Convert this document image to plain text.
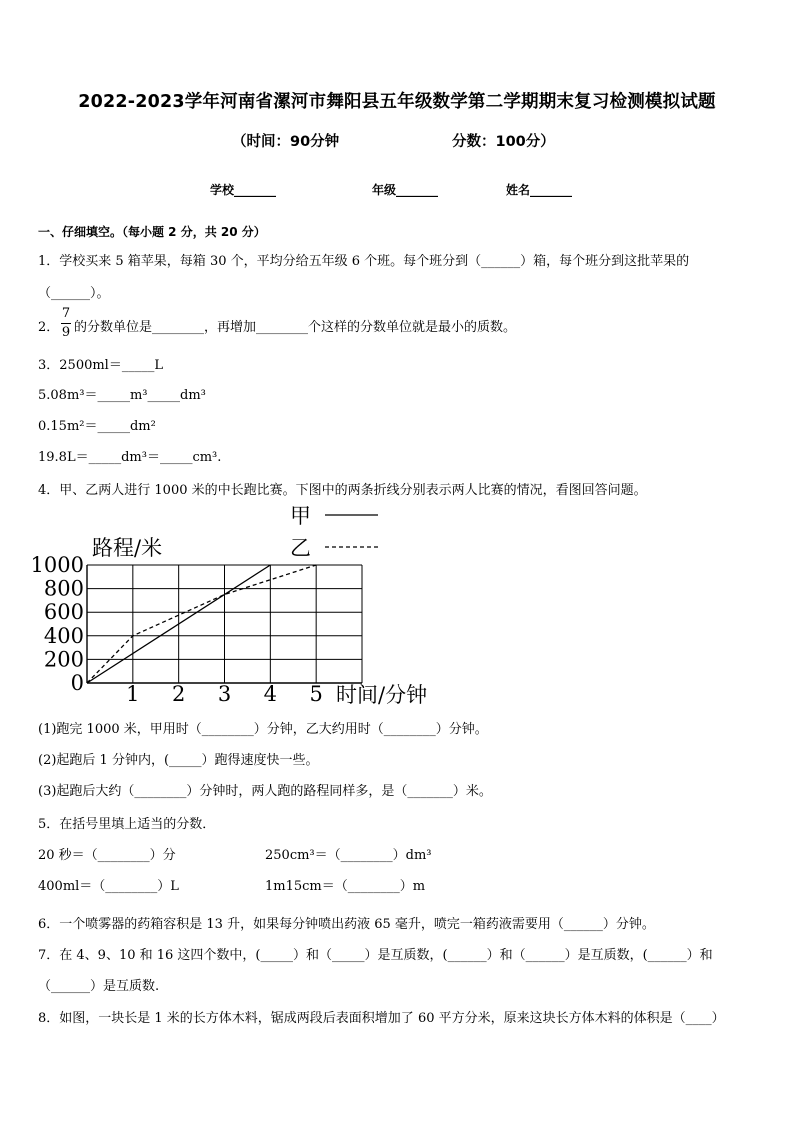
2022-2023学年河南省漯河市舞阳县五年级数学第二学期期末复习检测模拟试题
（时间：90分钟	分数：100分）
学校_______	年级_______	姓名_______
一、仔细填空。（每小题 2 分，共 20 分）
1．学校买来 5 箱苹果，每箱 30 个，平均分给五年级 6 个班。每个班分到（______）箱，每个班分到这批苹果的
（______）。
2．
7
9 的分数单位是________，再增加________个这样的分数单位就是最小的质数。
3．2500ml＝_____L
5.08m³＝_____m³_____dm³
0.15m²＝_____dm²
19.8L＝_____dm³＝_____cm³.
4．甲、乙两人进行 1000 米的中长跑比赛。下图中的两条折线分别表示两人比赛的情况，看图回答问题。
甲
乙
路程/米
时间/分钟
0
200
400
600
800
1000
1 2 3 4 5
(1)跑完 1000 米，甲用时（________）分钟，乙大约用时（________）分钟。
(2)起跑后 1 分钟内，(_____）跑得速度快一些。
(3)起跑后大约（________）分钟时，两人跑的路程同样多，是（_______）米。
5．在括号里填上适当的分数．
20 秒＝（________）分	250cm³＝（________）dm³
400ml＝（________）L	1m15cm＝（________）m
6．一个喷雾器的药箱容积是 13 升，如果每分钟喷出药液 65 毫升，喷完一箱药液需要用（______）分钟。
7．在 4、9、10 和 16 这四个数中，(_____）和（_____）是互质数，(______）和（______）是互质数，(______）和
（______）是互质数.
8．如图，一块长是 1 米的长方体木料，锯成两段后表面积增加了 60 平方分米，原来这块长方体木料的体积是（____）
